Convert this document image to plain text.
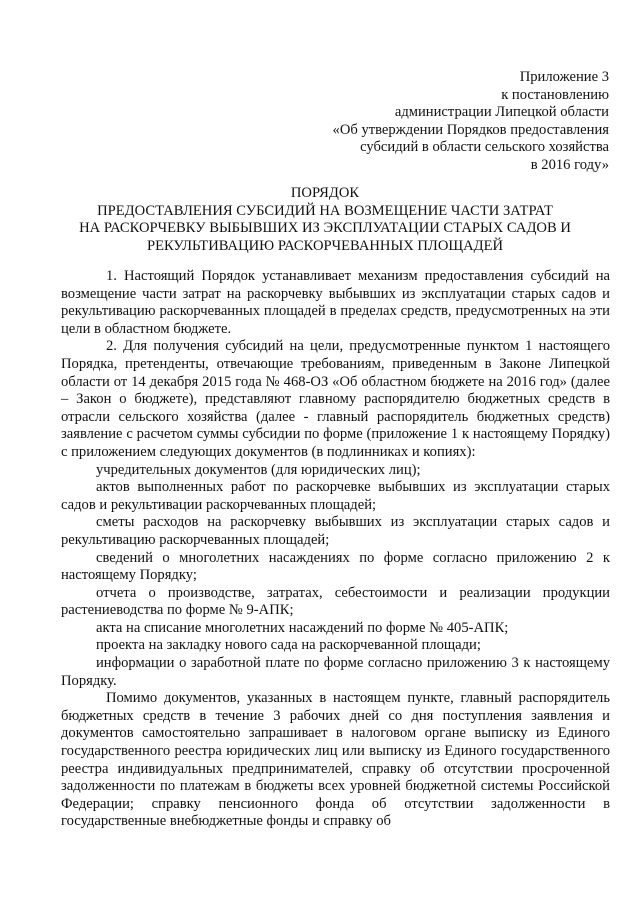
Приложение 3
к постановлению
администрации Липецкой области
«Об утверждении Порядков предоставления
субсидий в области сельского хозяйства
в 2016 году»
ПОРЯДОК
ПРЕДОСТАВЛЕНИЯ СУБСИДИЙ НА ВОЗМЕЩЕНИЕ ЧАСТИ ЗАТРАТ
НА РАСКОРЧЕВКУ ВЫБЫВШИХ ИЗ ЭКСПЛУАТАЦИИ СТАРЫХ САДОВ И
РЕКУЛЬТИВАЦИЮ РАСКОРЧЕВАННЫХ ПЛОЩАДЕЙ

1. Настоящий Порядок устанавливает механизм предоставления субсидий на возмещение части затрат на раскорчевку выбывших из эксплуатации старых садов и рекультивацию раскорчеванных площадей в пределах средств, предусмотренных на эти цели в областном бюджете.

2. Для получения субсидий на цели, предусмотренные пунктом 1 настоящего Порядка, претенденты, отвечающие требованиям, приведенным в Законе Липецкой области от 14 декабря 2015 года № 468-ОЗ «Об областном бюджете на 2016 год» (далее – Закон о бюджете), представляют главному распорядителю бюджетных средств в отрасли сельского хозяйства (далее - главный распорядитель бюджетных средств) заявление с расчетом суммы субсидии по форме (приложение 1 к настоящему Порядку) с приложением следующих документов (в подлинниках и копиях):

учредительных документов (для юридических лиц);

актов выполненных работ по раскорчевке выбывших из эксплуатации старых садов и рекультивации раскорчеванных площадей;

сметы расходов на раскорчевку выбывших из эксплуатации старых садов и рекультивацию раскорчеванных площадей;

сведений о многолетних насаждениях по форме согласно приложению 2 к настоящему Порядку;

отчета о производстве, затратах, себестоимости и реализации продукции растениеводства по форме № 9-АПК;

акта на списание многолетних насаждений по форме № 405-АПК;

проекта на закладку нового сада на раскорчеванной площади;

информации о заработной плате по форме согласно приложению 3 к настоящему Порядку.

Помимо документов, указанных в настоящем пункте, главный распорядитель бюджетных средств в течение 3 рабочих дней со дня поступления заявления и документов самостоятельно запрашивает в налоговом органе выписку из Единого государственного реестра юридических лиц или выписку из Единого государственного реестра индивидуальных предпринимателей, справку об отсутствии просроченной задолженности по платежам в бюджеты всех уровней бюджетной системы Российской Федерации; справку пенсионного фонда об отсутствии задолженности в государственные внебюджетные фонды и справку об
